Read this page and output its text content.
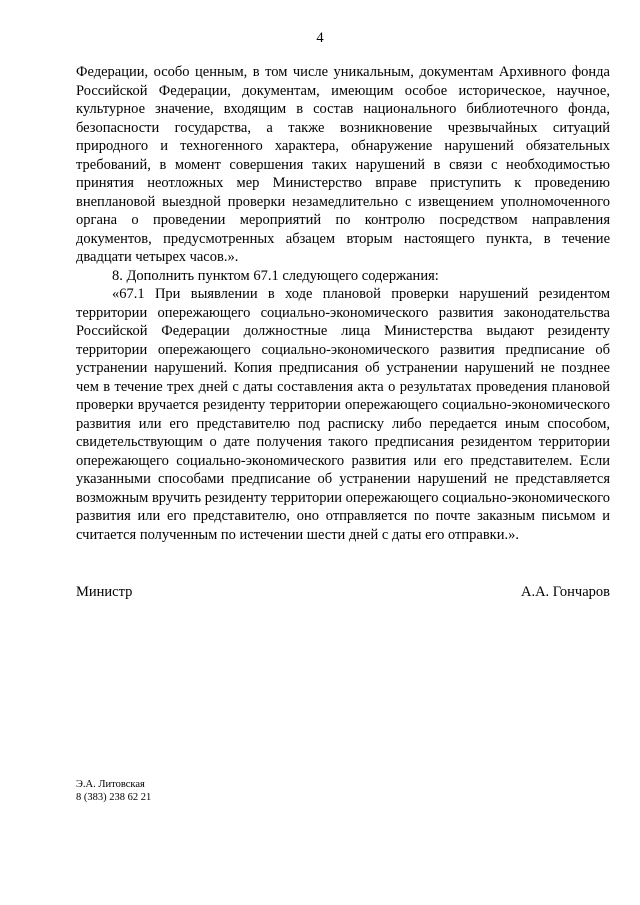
4

Федерации, особо ценным, в том числе уникальным, документам Архивного фонда Российской Федерации, документам, имеющим особое историческое, научное, культурное значение, входящим в состав национального библиотечного фонда, безопасности государства, а также возникновение чрезвычайных ситуаций природного и техногенного характера, обнаружение нарушений обязательных требований, в момент совершения таких нарушений в связи с необходимостью принятия неотложных мер Министерство вправе приступить к проведению внеплановой выездной проверки незамедлительно с извещением уполномоченного органа о проведении мероприятий по контролю посредством направления документов, предусмотренных абзацем вторым настоящего пункта, в течение двадцати четырех часов.».

8. Дополнить пунктом 67.1 следующего содержания:

«67.1 При выявлении в ходе плановой проверки нарушений резидентом территории опережающего социально-экономического развития законодательства Российской Федерации должностные лица Министерства выдают резиденту территории опережающего социально-экономического развития предписание об устранении нарушений. Копия предписания об устранении нарушений не позднее чем в течение трех дней с даты составления акта о результатах проведения плановой проверки вручается резиденту территории опережающего социально-экономического развития или его представителю под расписку либо передается иным способом, свидетельствующим о дате получения такого предписания резидентом территории опережающего социально-экономического развития или его представителем. Если указанными способами предписание об устранении нарушений не представляется возможным вручить резиденту территории опережающего социально-экономического развития или его представителю, оно отправляется по почте заказным письмом и считается полученным по истечении шести дней с даты его отправки.».

Министр	А.А. Гончаров
Э.А. Литовская
8 (383) 238 62 21
